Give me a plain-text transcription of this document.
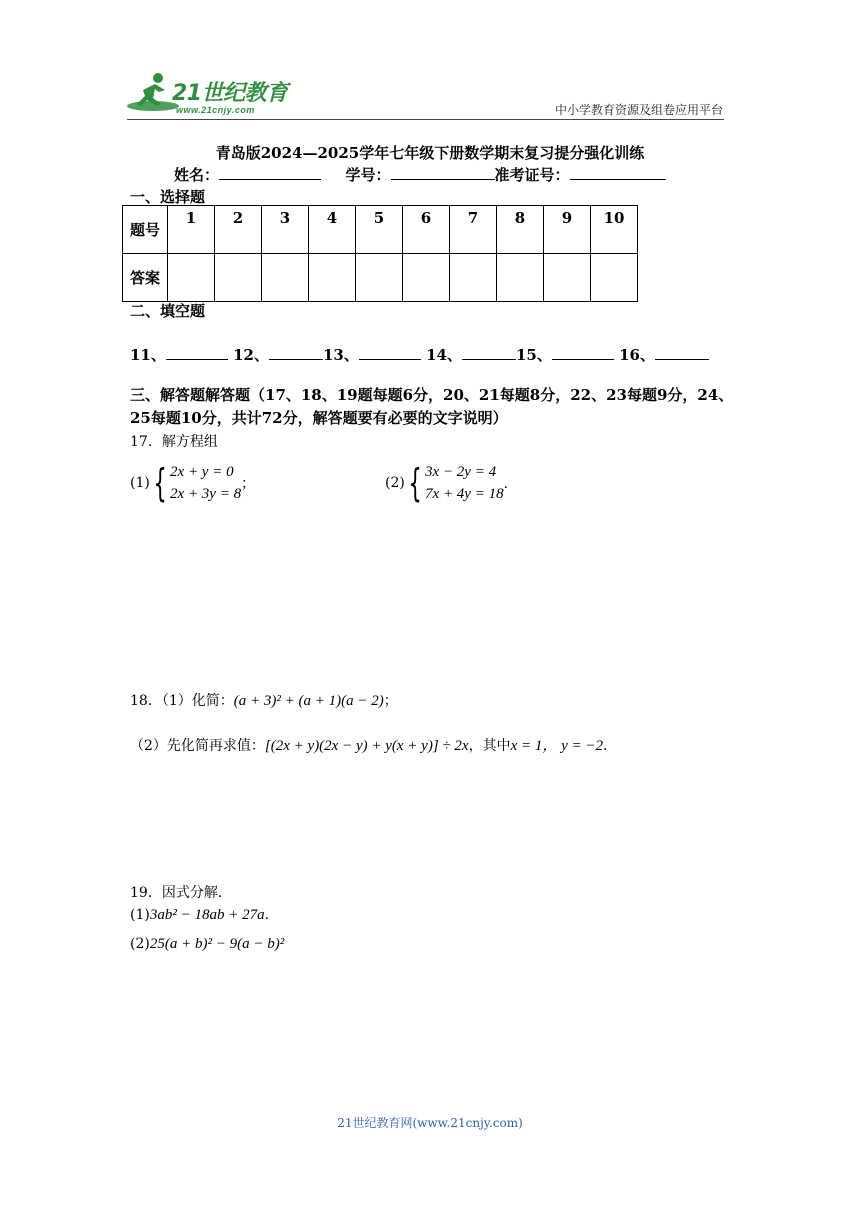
21世纪教育
www.21cnjy.com	中小学教育资源及组卷应用平台
青岛版2024—2025学年七年级下册数学期末复习提分强化训练
姓名：	学号：	准考证号：
一、选择题
题号	1	2	3	4	5	6	7	8	9	10
答案										
二、填空题
11、	12、	13、	14、	15、	16、
三、解答题解答题（17、18、19题每题6分，20、21每题8分，22、23每题9分，24、25每题10分，共计72分，解答题要有必要的文字说明）
17．解方程组
(1) { 2x + y = 0
2x + 3y = 8
；	(2) { 3x − 2y = 4
7x + 4y = 18
．
18．（1）化简：(a + 3)² + (a + 1)(a − 2)；
（2）先化简再求值：[(2x + y)(2x − y) + y(x + y)] ÷ 2x，其中x = 1， y = −2．
19．因式分解．
(1)3ab² − 18ab + 27a．
(2)25(a + b)² − 9(a − b)²
21世纪教育网(www.21cnjy.com)
